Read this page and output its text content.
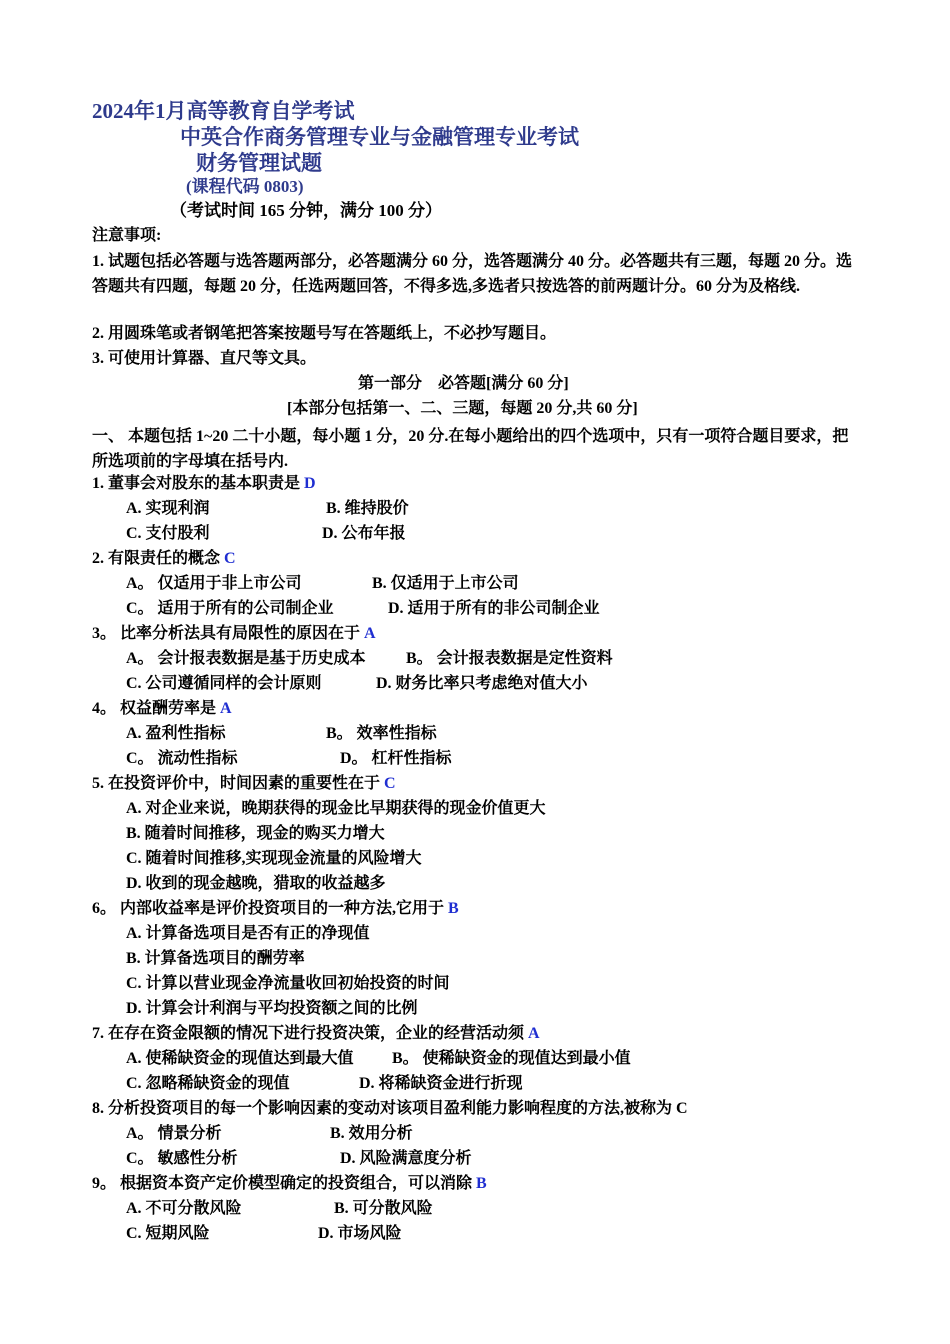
2024年1月高等教育自学考试
中英合作商务管理专业与金融管理专业考试
财务管理试题
(课程代码 0803)
（考试时间 165 分钟，满分 100 分）
注意事项:
1. 试题包括必答题与选答题两部分，必答题满分 60 分，选答题满分 40 分。必答题共有三题，每题 20 分。选答题共有四题，每题 20 分，任选两题回答，不得多选,多选者只按选答的前两题计分。60 分为及格线.
2. 用圆珠笔或者钢笔把答案按题号写在答题纸上，不必抄写题目。
3. 可使用计算器、直尺等文具。
第一部分　必答题[满分 60 分]
[本部分包括第一、二、三题，每题 20 分,共 60 分]
一、 本题包括 1~20 二十小题，每小题 1 分，20 分.在每小题给出的四个选项中，只有一项符合题目要求，把所选项前的字母填在括号内.
1. 董事会对股东的基本职责是 D
A. 实现利润	B. 维持股价
C. 支付股利	D. 公布年报
2. 有限责任的概念 C
A。 仅适用于非上市公司	B. 仅适用于上市公司
C。 适用于所有的公司制企业	D. 适用于所有的非公司制企业
3。 比率分析法具有局限性的原因在于 A
A。 会计报表数据是基于历史成本	B。 会计报表数据是定性资料
C. 公司遵循同样的会计原则	D. 财务比率只考虑绝对值大小
4。 权益酬劳率是 A
A. 盈利性指标	B。 效率性指标
C。 流动性指标	D。 杠杆性指标
5. 在投资评价中，时间因素的重要性在于 C
A. 对企业来说，晚期获得的现金比早期获得的现金价值更大
B. 随着时间推移，现金的购买力增大
C. 随着时间推移,实现现金流量的风险增大
D. 收到的现金越晚，猎取的收益越多
6。 内部收益率是评价投资项目的一种方法,它用于 B
A. 计算备选项目是否有正的净现值
B. 计算备选项目的酬劳率
C. 计算以营业现金净流量收回初始投资的时间
D. 计算会计利润与平均投资额之间的比例
7. 在存在资金限额的情况下进行投资决策，企业的经营活动须 A
A. 使稀缺资金的现值达到最大值 B。 使稀缺资金的现值达到最小值
C. 忽略稀缺资金的现值	D. 将稀缺资金进行折现
8. 分析投资项目的每一个影响因素的变动对该项目盈利能力影响程度的方法,被称为 C
A。 情景分析	B. 效用分析
C。 敏感性分析	D. 风险满意度分析
9。 根据资本资产定价模型确定的投资组合，可以消除 B
A. 不可分散风险	B. 可分散风险
C. 短期风险	D. 市场风险
